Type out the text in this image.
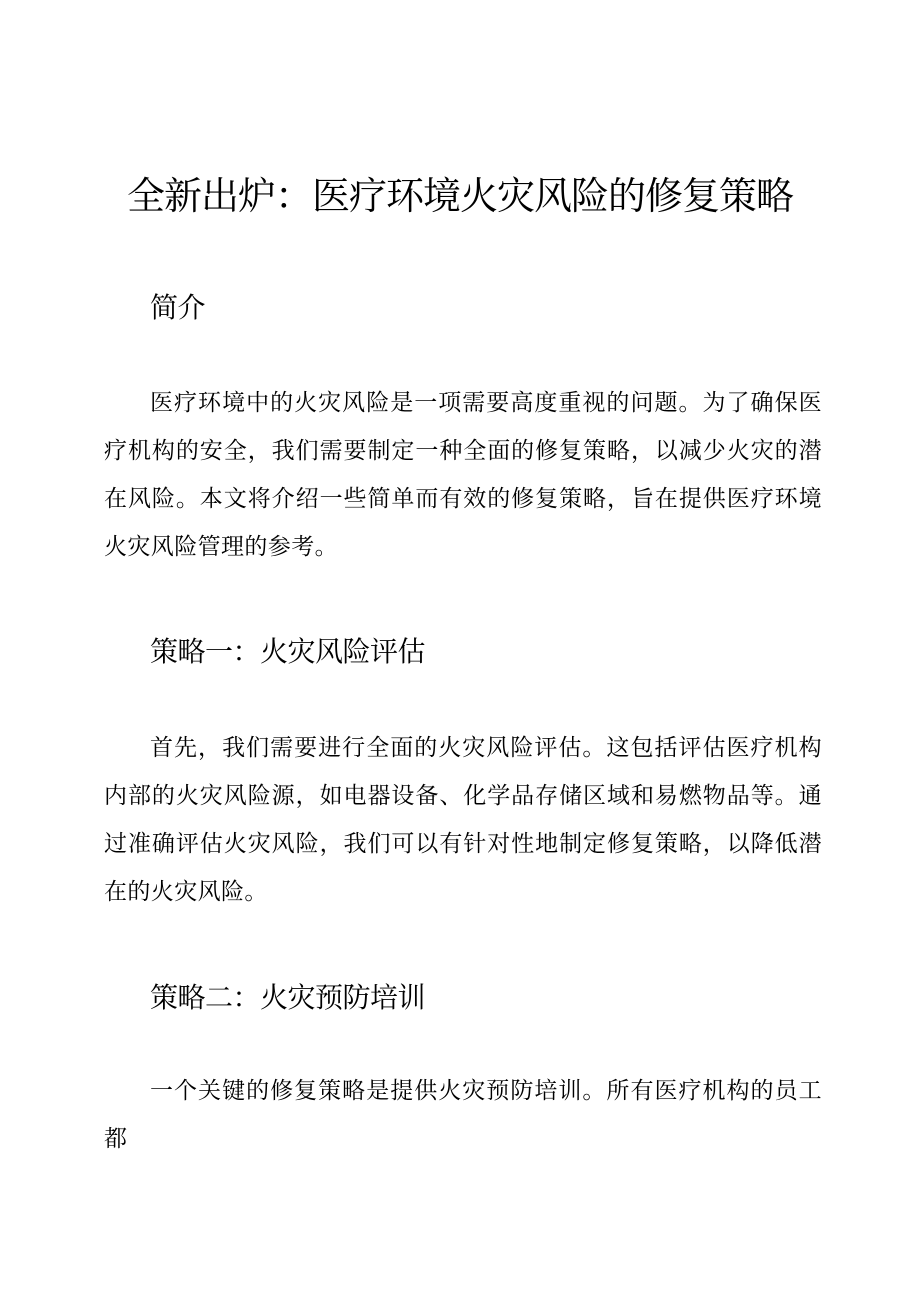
全新出炉：医疗环境火灾风险的修复策略
简介

医疗环境中的火灾风险是一项需要高度重视的问题。为了确保医疗机构的安全，我们需要制定一种全面的修复策略，以减少火灾的潜在风险。本文将介绍一些简单而有效的修复策略，旨在提供医疗环境火灾风险管理的参考。

策略一：火灾风险评估

首先，我们需要进行全面的火灾风险评估。这包括评估医疗机构内部的火灾风险源，如电器设备、化学品存储区域和易燃物品等。通过准确评估火灾风险，我们可以有针对性地制定修复策略，以降低潜在的火灾风险。

策略二：火灾预防培训

一个关键的修复策略是提供火灾预防培训。所有医疗机构的员工都
